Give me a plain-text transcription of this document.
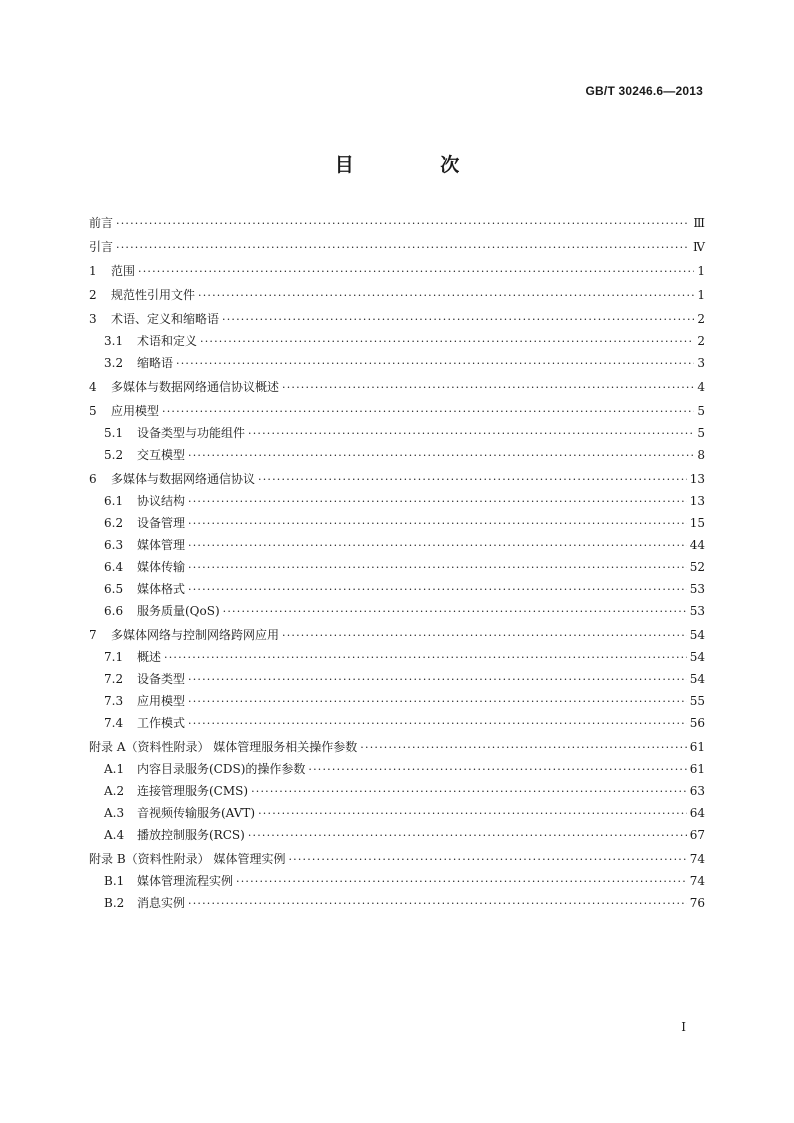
GB/T 30246.6—2013
目 次
前言 ·····	Ⅲ
引言 ·····	Ⅳ
1	范围 ·····	1
2	规范性引用文件 ·····	1
3	术语、定义和缩略语 ·····	2
3.1	术语和定义 ·····	2
3.2	缩略语 ·····	3
4	多媒体与数据网络通信协议概述 ·····	4
5	应用模型 ·····	5
5.1	设备类型与功能组件 ·····	5
5.2	交互模型 ·····	8
6	多媒体与数据网络通信协议 ·····	13
6.1	协议结构 ·····	13
6.2	设备管理 ·····	15
6.3	媒体管理 ·····	44
6.4	媒体传输 ·····	52
6.5	媒体格式 ·····	53
6.6	服务质量(QoS) ·····	53
7	多媒体网络与控制网络跨网应用 ·····	54
7.1	概述 ·····	54
7.2	设备类型 ·····	54
7.3	应用模型 ·····	55
7.4	工作模式 ·····	56
附录 A（资料性附录） 媒体管理服务相关操作参数 ·····	61
A.1	内容目录服务(CDS)的操作参数 ·····	61
A.2	连接管理服务(CMS) ·····	63
A.3	音视频传输服务(AVT) ·····	64
A.4	播放控制服务(RCS) ·····	67
附录 B（资料性附录） 媒体管理实例 ·····	74
B.1	媒体管理流程实例 ·····	74
B.2	消息实例 ·····	76
I
